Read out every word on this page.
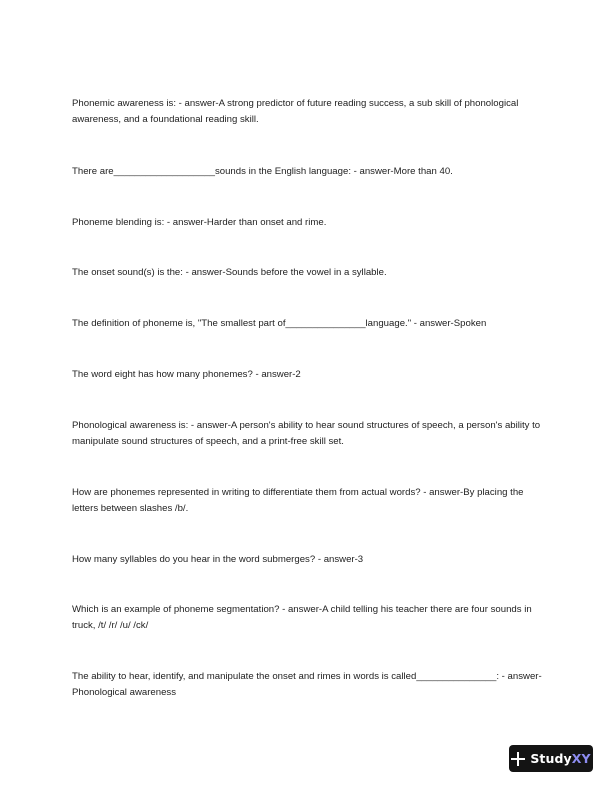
Phonemic awareness is: - answer-A strong predictor of future reading success, a sub skill of phonological awareness, and a foundational reading skill.

There are___________________sounds in the English language: - answer-More than 40.

Phoneme blending is: - answer-Harder than onset and rime.

The onset sound(s) is the: - answer-Sounds before the vowel in a syllable.

The definition of phoneme is, "The smallest part of_______________language." - answer-Spoken

The word eight has how many phonemes? - answer-2

Phonological awareness is: - answer-A person's ability to hear sound structures of speech, a person's ability to manipulate sound structures of speech, and a print-free skill set.

How are phonemes represented in writing to differentiate them from actual words? - answer-By placing the letters between slashes /b/.

How many syllables do you hear in the word submerges? - answer-3

Which is an example of phoneme segmentation? - answer-A child telling his teacher there are four sounds in truck, /t/ /r/ /u/ /ck/

The ability to hear, identify, and manipulate the onset and rimes in words is called_______________: - answer-Phonological awareness

StudyXY
